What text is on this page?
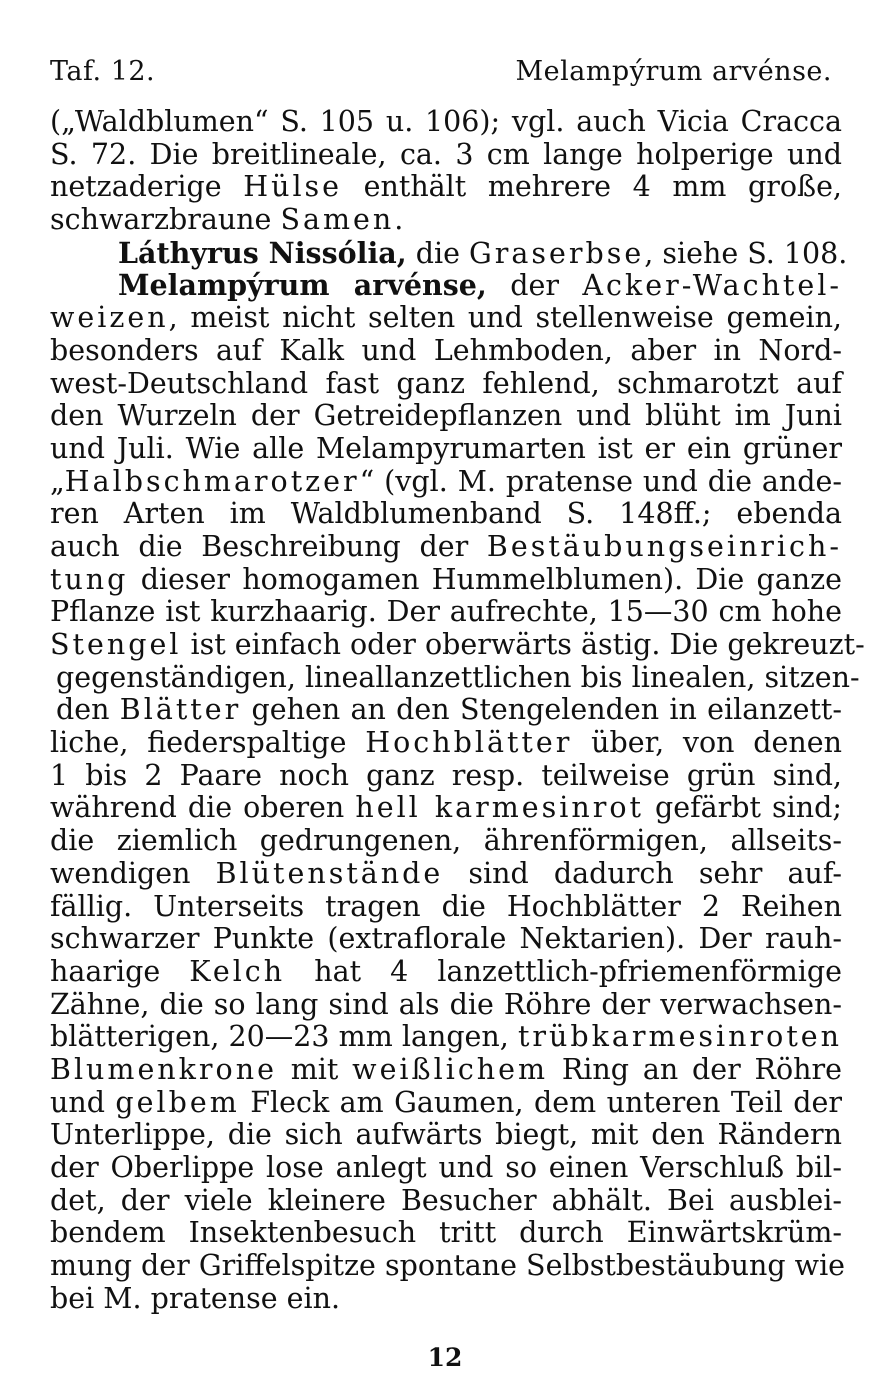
Taf. 12.	Melampýrum arvénse.
(„Waldblumen“ S. 105 u. 106); vgl. auch Vicia Cracca
S. 72. Die breitlineale, ca. 3 cm lange holperige und
netzaderige Hülse enthält mehrere 4 mm große,
schwarzbraune Samen.
Láthyrus Nissólia, die Graserbse, siehe S. 108.
Melampýrum arvénse, der Acker-Wachtel-
weizen, meist nicht selten und stellenweise gemein,
besonders auf Kalk und Lehmboden, aber in Nord-
west-Deutschland fast ganz fehlend, schmarotzt auf
den Wurzeln der Getreidepflanzen und blüht im Juni
und Juli. Wie alle Melampyrumarten ist er ein grüner
„Halbschmarotzer“ (vgl. M. pratense und die ande-
ren Arten im Waldblumenband S. 148ff.; ebenda
auch die Beschreibung der Bestäubungseinrich-
tung dieser homogamen Hummelblumen). Die ganze
Pflanze ist kurzhaarig. Der aufrechte, 15—30 cm hohe
Stengel ist einfach oder oberwärts ästig. Die gekreuzt-
gegenständigen, lineallanzettlichen bis linealen, sitzen-
den Blätter gehen an den Stengelenden in eilanzett-
liche, fiederspaltige Hochblätter über, von denen
1 bis 2 Paare noch ganz resp. teilweise grün sind,
während die oberen hell karmesinrot gefärbt sind;
die ziemlich gedrungenen, ährenförmigen, allseits-
wendigen Blütenstände sind dadurch sehr auf-
fällig. Unterseits tragen die Hochblätter 2 Reihen
schwarzer Punkte (extraflorale Nektarien). Der rauh-
haarige Kelch hat 4 lanzettlich-pfriemenförmige
Zähne, die so lang sind als die Röhre der verwachsen-
blätterigen, 20—23 mm langen, trübkarmesinroten
Blumenkrone mit weißlichem Ring an der Röhre
und gelbem Fleck am Gaumen, dem unteren Teil der
Unterlippe, die sich aufwärts biegt, mit den Rändern
der Oberlippe lose anlegt und so einen Verschluß bil-
det, der viele kleinere Besucher abhält. Bei ausblei-
bendem Insektenbesuch tritt durch Einwärtskrüm-
mung der Griffelspitze spontane Selbstbestäubung wie
bei M. pratense ein.
12
